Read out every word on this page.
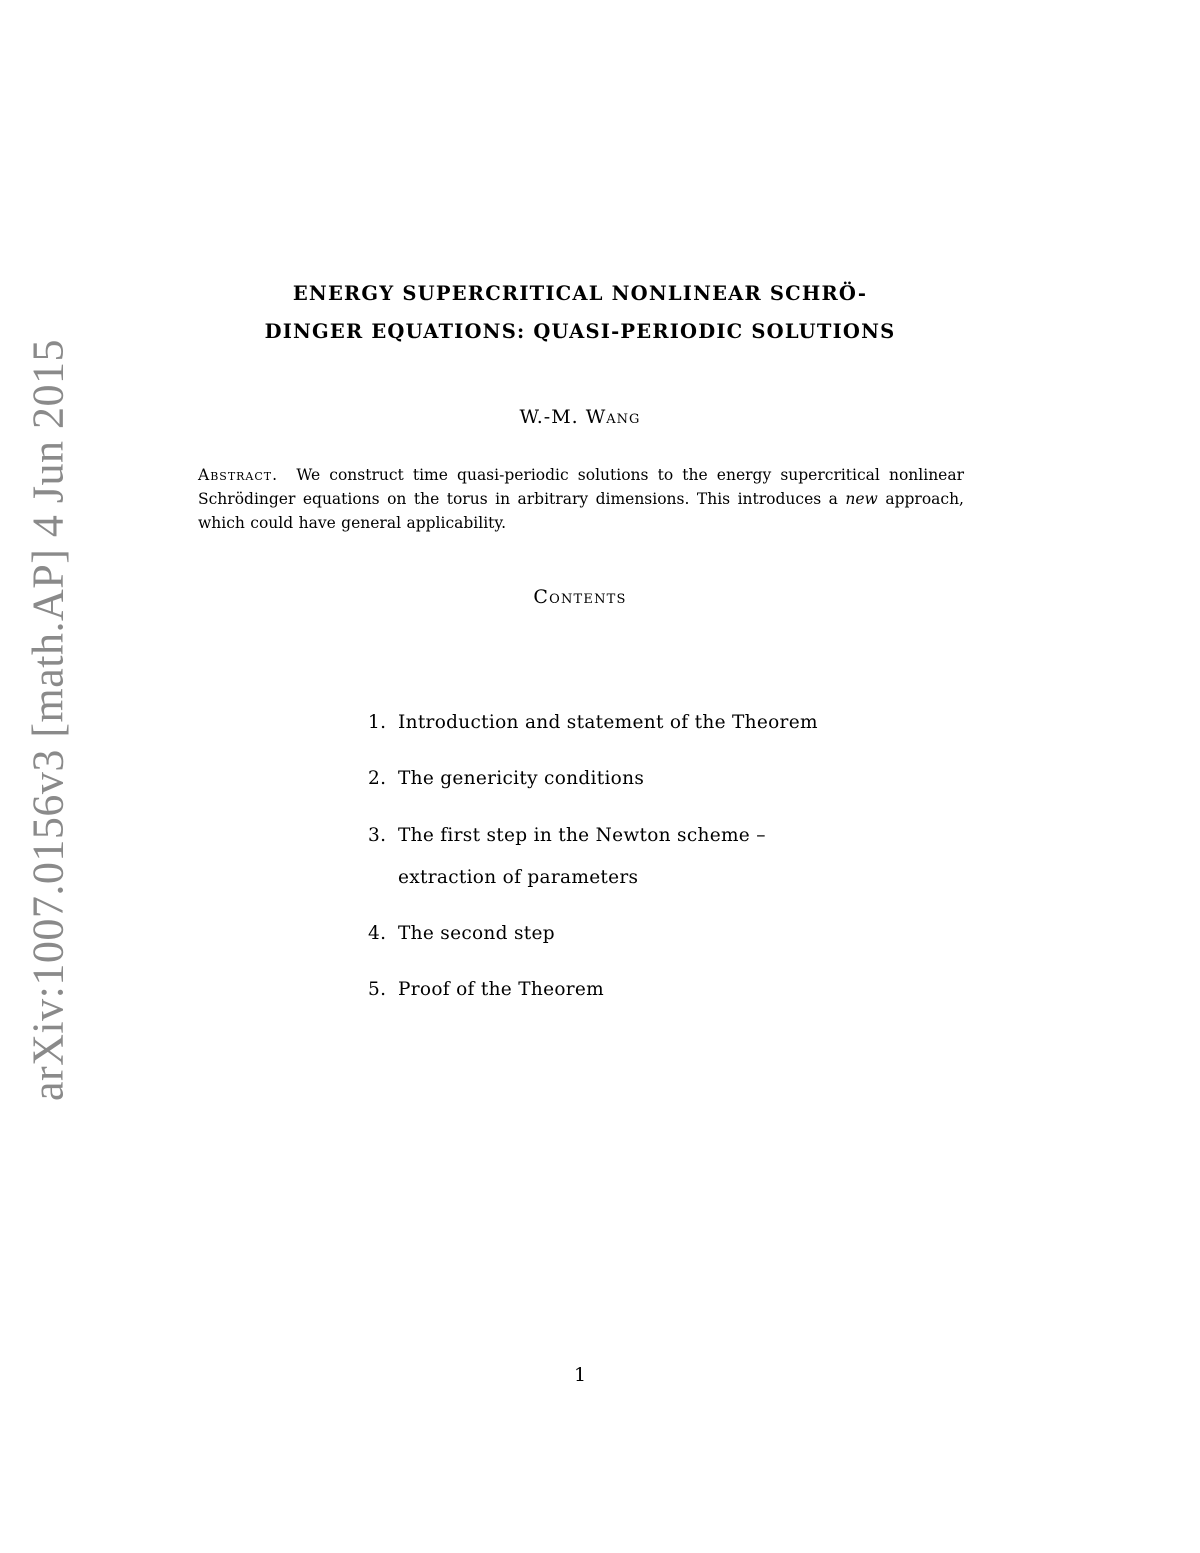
arXiv:1007.0156v3 [math.AP] 4 Jun 2015
ENERGY SUPERCRITICAL NONLINEAR SCHRÖ-
DINGER EQUATIONS: QUASI-PERIODIC SOLUTIONS
W.-M. Wang
Abstract. We construct time quasi-periodic solutions to the energy supercritical nonlinear Schrödinger equations on the torus in arbitrary dimensions. This introduces a new approach, which could have general applicability.
Contents
1. Introduction and statement of the Theorem
2. The genericity conditions
3. The first step in the Newton scheme –
extraction of parameters
4. The second step
5. Proof of the Theorem
1
